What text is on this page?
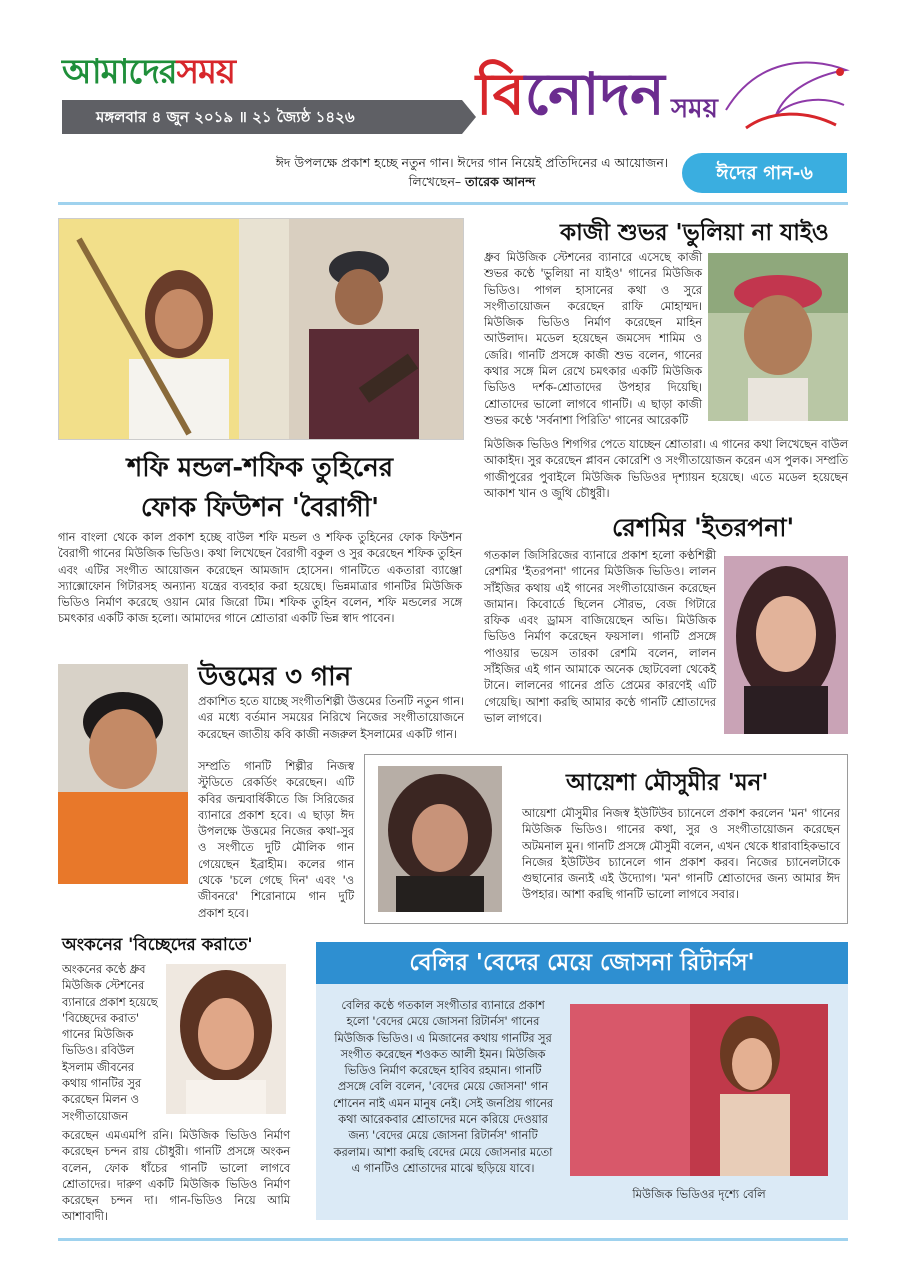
আমাদেরসময়
মঙ্গলবার ৪ জুন ২০১৯ ॥ ২১ জ্যৈষ্ঠ ১৪২৬	বিনোদন সময়
ঈদ উপলক্ষে প্রকাশ হচ্ছে নতুন গান। ঈদের গান নিয়েই প্রতিদিনের এ আয়োজন। লিখেছেন– তারেক আনন্দ	ঈদের গান-৬
কাজী শুভর 'ভুলিয়া না যাইও
ধ্রুব মিউজিক স্টেশনের ব্যানারে এসেছে কাজী শুভর কণ্ঠে 'ভুলিয়া না যাইও' গানের মিউজিক ভিডিও। পাগল হাসানের কথা ও সুরে সংগীতায়োজন করেছেন রাফি মোহাম্মদ। মিউজিক ভিডিও নির্মাণ করেছেন মাহিন আউলাদ। মডেল হয়েছেন জমসেদ শামিম ও জেরি। গানটি প্রসঙ্গে কাজী শুভ বলেন, গানের কথার সঙ্গে মিল রেখে চমৎকার একটি মিউজিক ভিডিও দর্শক-শ্রোতাদের উপহার দিয়েছি। শ্রোতাদের ভালো লাগবে গানটি। এ ছাড়া কাজী শুভর কণ্ঠে 'সর্বনাশা পিরিতি' গানের আরেকটি
মিউজিক ভিডিও শিগগির পেতে যাচ্ছেন শ্রোতারা। এ গানের কথা লিখেছেন বাউল আকাইদ। সুর করেছেন প্লাবন কোরেশি ও সংগীতায়োজন করেন এস পুলক। সম্প্রতি গাজীপুরের পুবাইলে মিউজিক ভিডিওর দৃশ্যায়ন হয়েছে। এতে মডেল হয়েছেন আকাশ খান ও জুথি চৌধুরী।
শফি মন্ডল-শফিক তুহিনের
ফোক ফিউশন 'বৈরাগী'
গান বাংলা থেকে কাল প্রকাশ হচ্ছে বাউল শফি মন্ডল ও শফিক তুহিনের ফোক ফিউশন বৈরাগী গানের মিউজিক ভিডিও। কথা লিখেছেন বৈরাগী বকুল ও সুর করেছেন শফিক তুহিন এবং এটির সংগীত আয়োজন করেছেন আমজাদ হোসেন। গানটিতে একতারা ব্যাঞ্জো স্যাক্সোফোন গিটারসহ অন্যান্য যন্ত্রের ব্যবহার করা হয়েছে। ভিন্নমাত্রার গানটির মিউজিক ভিডিও নির্মাণ করেছে ওয়ান মোর জিরো টিম। শফিক তুহিন বলেন, শফি মন্ডলের সঙ্গে চমৎকার একটি কাজ হলো। আমাদের গানে শ্রোতারা একটি ভিন্ন স্বাদ পাবেন।
রেশমির 'ইতরপনা'
গতকাল জিসিরিজের ব্যানারে প্রকাশ হলো কণ্ঠশিল্পী রেশমির 'ইতরপনা' গানের মিউজিক ভিডিও। লালন সাঁইজির কথায় এই গানের সংগীতায়োজন করেছেন জামান। কিবোর্ডে ছিলেন সৌরভ, বেজ গিটারে রফিক এবং ড্রামস বাজিয়েছেন অভি। মিউজিক ভিডিও নির্মাণ করেছেন ফয়সাল। গানটি প্রসঙ্গে পাওয়ার ভয়েস তারকা রেশমি বলেন, লালন সাঁইজির এই গান আমাকে অনেক ছোটবেলা থেকেই টানে। লালনের গানের প্রতি প্রেমের কারণেই এটি গেয়েছি। আশা করছি আমার কণ্ঠে গানটি শ্রোতাদের ভাল লাগবে।
উত্তমের ৩ গান
প্রকাশিত হতে যাচ্ছে সংগীতশিল্পী উত্তমের তিনটি নতুন গান। এর মধ্যে বর্তমান সময়ের নিরিখে নিজের সংগীতায়োজনে করেছেন জাতীয় কবি কাজী নজরুল ইসলামের একটি গান।
সম্প্রতি গানটি শিল্পীর নিজস্ব স্টুডিতে রেকর্ডিং করেছেন। এটি কবির জন্মবার্ষিকীতে জি সিরিজের ব্যানারে প্রকাশ হবে। এ ছাড়া ঈদ উপলক্ষে উত্তমের নিজের কথা-সুর ও সংগীতে দুটি মৌলিক গান গেয়েছেন ইব্রাহীম। কলের গান থেকে 'চলে গেছে দিন' এবং 'ও জীবনরে' শিরোনামে গান দুটি প্রকাশ হবে।
আয়েশা মৌসুমীর 'মন'
আয়েশা মৌসুমীর নিজস্ব ইউটিউব চ্যানেলে প্রকাশ করলেন 'মন' গানের মিউজিক ভিডিও। গানের কথা, সুর ও সংগীতায়োজন করেছেন অটমনাল মুন। গানটি প্রসঙ্গে মৌসুমী বলেন, এখন থেকে ধারাবাহিকভাবে নিজের ইউটিউব চ্যানেলে গান প্রকাশ করব। নিজের চ্যানেলটাকে গুছানোর জন্যই এই উদ্যোগ। 'মন' গানটি শ্রোতাদের জন্য আমার ঈদ উপহার। আশা করছি গানটি ভালো লাগবে সবার।
অংকনের 'বিচ্ছেদের করাতে'
অংকনের কণ্ঠে ধ্রুব মিউজিক স্টেশনের ব্যানারে প্রকাশ হয়েছে 'বিচ্ছেদের করাত' গানের মিউজিক ভিডিও। রবিউল ইসলাম জীবনের কথায় গানটির সুর করেছেন মিলন ও সংগীতায়োজন
করেছেন এমএমপি রনি। মিউজিক ভিডিও নির্মাণ করেছেন চন্দন রায় চৌধুরী। গানটি প্রসঙ্গে অংকন বলেন, ফোক ধাঁচের গানটি ভালো লাগবে শ্রোতাদের। দারুণ একটি মিউজিক ভিডিও নির্মাণ করেছেন চন্দন দা। গান-ভিডিও নিয়ে আমি আশাবাদী।
বেলির 'বেদের মেয়ে জোসনা রিটার্নস'
বেলির কণ্ঠে গতকাল সংগীতার ব্যানারে প্রকাশ হলো 'বেদের মেয়ে জোসনা রিটার্নস' গানের মিউজিক ভিডিও। এ মিজানের কথায় গানটির সুর সংগীত করেছেন শওকত আলী ইমন। মিউজিক ভিডিও নির্মাণ করেছেন হাবিব রহমান। গানটি প্রসঙ্গে বেলি বলেন, 'বেদের মেয়ে জোসনা' গান শোনেন নাই এমন মানুষ নেই। সেই জনপ্রিয় গানের কথা আরেকবার শ্রোতাদের মনে করিয়ে দেওয়ার জন্য 'বেদের মেয়ে জোসনা রিটার্নস' গানটি করলাম। আশা করছি বেদের মেয়ে জোসনার মতো এ গানটিও শ্রোতাদের মাঝে ছড়িয়ে যাবে।
মিউজিক ভিডিওর দৃশ্যে বেলি
